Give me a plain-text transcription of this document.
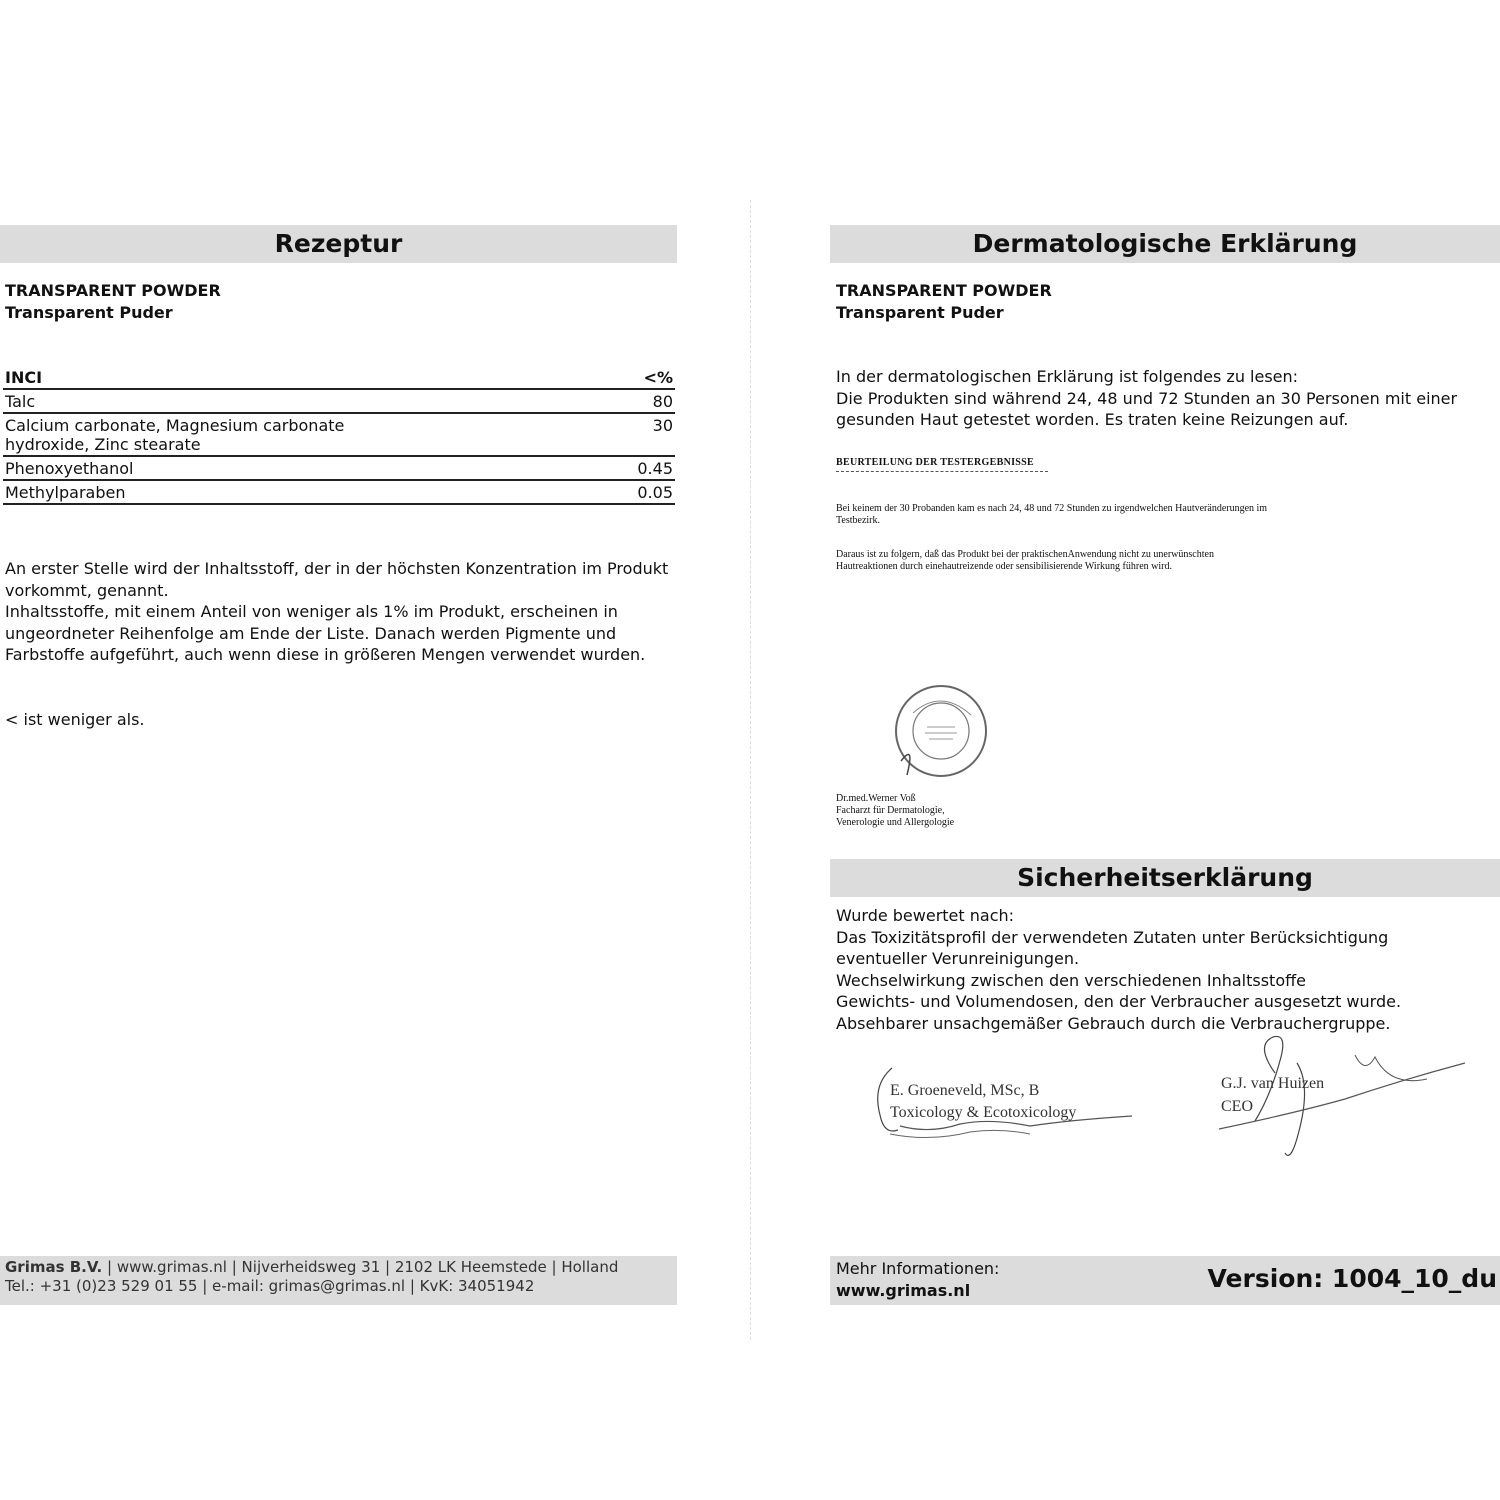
Rezeptur
TRANSPARENT POWDER
Transparent Puder
INCI	<%
Talc	80
Calcium carbonate, Magnesium carbonate hydroxide, Zinc stearate	30
Phenoxyethanol	0.45
Methylparaben	0.05
An erster Stelle wird der Inhaltsstoff, der in der höchsten Konzentration im Produkt vorkommt, genannt.
Inhaltsstoffe, mit einem Anteil von weniger als 1% im Produkt, erscheinen in ungeordneter Reihenfolge am Ende der Liste. Danach werden Pigmente und Farbstoffe aufgeführt, auch wenn diese in größeren Mengen verwendet wurden.
< ist weniger als.
Grimas B.V. | www.grimas.nl | Nijverheidsweg 31 | 2102 LK Heemstede | Holland
Tel.: +31 (0)23 529 01 55 | e-mail: grimas@grimas.nl | KvK: 34051942
Dermatologische Erklärung
TRANSPARENT POWDER
Transparent Puder
In der dermatologischen Erklärung ist folgendes zu lesen:
Die Produkten sind während 24, 48 und 72 Stunden an 30 Personen mit einer gesunden Haut getestet worden. Es traten keine Reizungen auf.
BEURTEILUNG DER TESTERGEBNISSE
Bei keinem der 30 Probanden kam es nach 24, 48 und 72 Stunden zu irgendwelchen Hautveränderungen im Testbezirk.
Daraus ist zu folgern, daß das Produkt bei der praktischenAnwendung nicht zu unerwünschten Hautreaktionen durch einehautreizende oder sensibilisierende Wirkung führen wird.
Dr.med.Werner Voß
Facharzt für Dermatologie,
Venerologie und Allergologie
Sicherheitserklärung
Wurde bewertet nach:
Das Toxizitätsprofil der verwendeten Zutaten unter Berücksichtigung eventueller Verunreinigungen.
Wechselwirkung zwischen den verschiedenen Inhaltsstoffe
Gewichts- und Volumendosen, den der Verbraucher ausgesetzt wurde.
Absehbarer unsachgemäßer Gebrauch durch die Verbrauchergruppe.
E. Groeneveld, MSc, B
Toxicology & Ecotoxicology
G.J. van Huizen
CEO
Mehr Informationen:
www.grimas.nl	Version: 1004_10_du
